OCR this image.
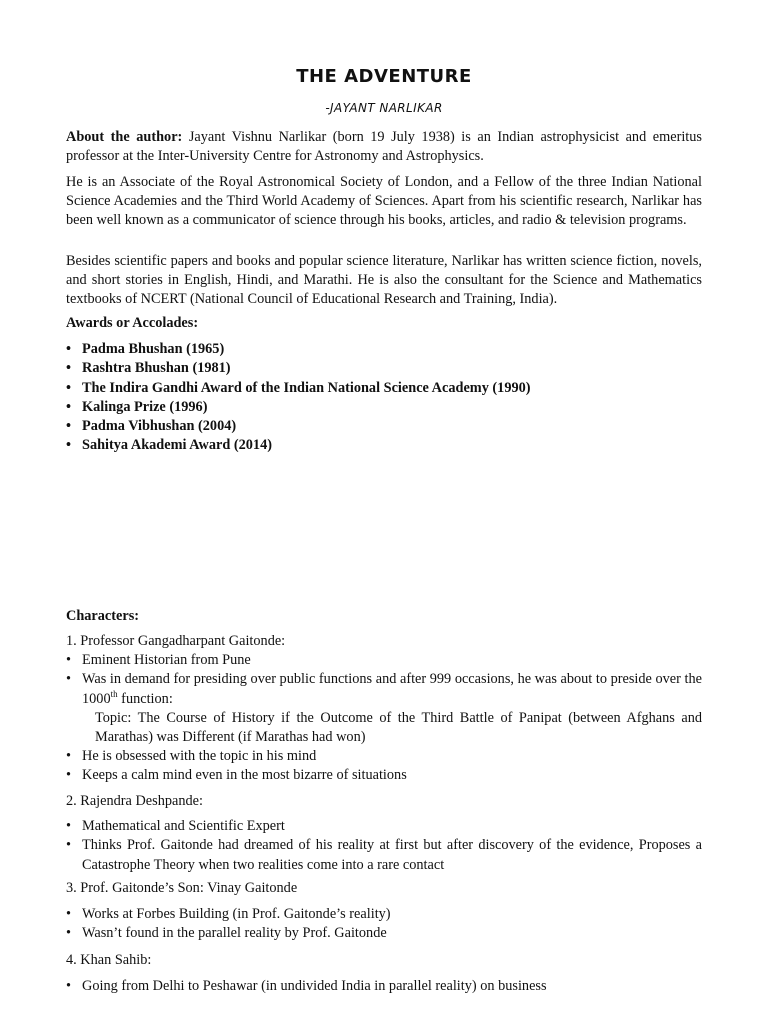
THE ADVENTURE
-JAYANT NARLIKAR

About the author: Jayant Vishnu Narlikar (born 19 July 1938) is an Indian astrophysicist and emeritus professor at the Inter-University Centre for Astronomy and Astrophysics.

He is an Associate of the Royal Astronomical Society of London, and a Fellow of the three Indian National Science Academies and the Third World Academy of Sciences. Apart from his scientific research, Narlikar has been well known as a communicator of science through his books, articles, and radio & television programs.

Besides scientific papers and books and popular science literature, Narlikar has written science fiction, novels, and short stories in English, Hindi, and Marathi. He is also the consultant for the Science and Mathematics textbooks of NCERT (National Council of Educational Research and Training, India).

Awards or Accolades:
• Padma Bhushan (1965)
• Rashtra Bhushan (1981)
• The Indira Gandhi Award of the Indian National Science Academy (1990)
• Kalinga Prize (1996)
• Padma Vibhushan (2004)
• Sahitya Akademi Award (2014)
Characters:
1. Professor Gangadharpant Gaitonde:
• Eminent Historian from Pune
• Was in demand for presiding over public functions and after 999 occasions, he was about to preside over the 1000th function:
Topic: The Course of History if the Outcome of the Third Battle of Panipat (between Afghans and Marathas) was Different (if Marathas had won)
• He is obsessed with the topic in his mind
• Keeps a calm mind even in the most bizarre of situations
2. Rajendra Deshpande:
• Mathematical and Scientific Expert
• Thinks Prof. Gaitonde had dreamed of his reality at first but after discovery of the evidence, Proposes a Catastrophe Theory when two realities come into a rare contact
3. Prof. Gaitonde’s Son: Vinay Gaitonde
• Works at Forbes Building (in Prof. Gaitonde’s reality)
• Wasn’t found in the parallel reality by Prof. Gaitonde
4. Khan Sahib:
• Going from Delhi to Peshawar (in undivided India in parallel reality) on business
